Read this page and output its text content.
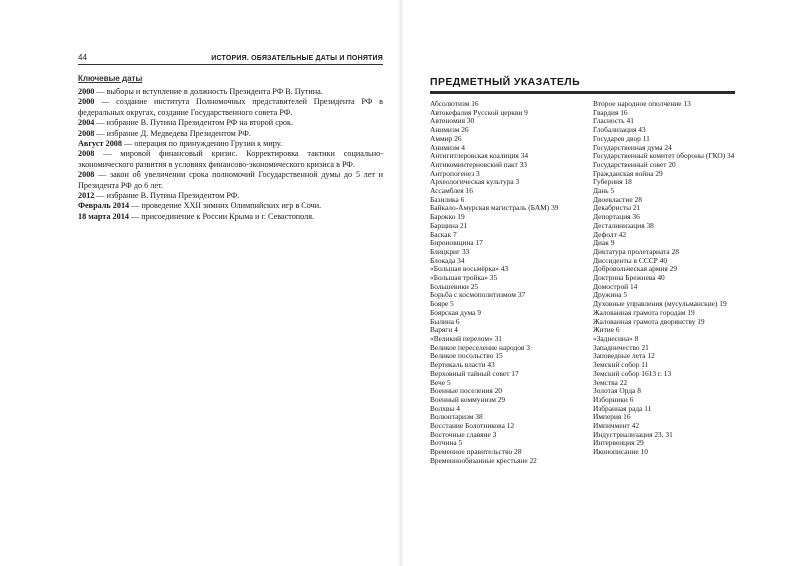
44	ИСТОРИЯ. ОБЯЗАТЕЛЬНЫЕ ДАТЫ И ПОНЯТИЯ
Ключевые даты
2000 — выборы и вступление в должность Президента РФ В. Путина.
2000 — создание института Полномочных представителей Президента РФ в федеральных округах, создание Государственного совета РФ.
2004 — избрание В. Путина Президентом РФ на второй срок.
2008 — избрание Д. Медведева Президентом РФ.
Август 2008 — операция по принуждению Грузии к миру.
2008 — мировой финансовый кризис. Корректировка тактики социально-экономического развития в условиях финансово-экономического кризиса в РФ.
2008 — закон об увеличении срока полномочий Государственной думы до 5 лет и Президента РФ до 6 лет.
2012 — избрание В. Путина Президентом РФ.
Февраль 2014 — проведение XXII зимних Олимпийских игр в Сочи.
18 марта 2014 — присоединение к России Крыма и г. Севастополя.
ПРЕДМЕТНЫЙ УКАЗАТЕЛЬ
Абсолютизм 16
Автокефалия Русской церкви 9
Автономия 30
Анимизм 26
Аммир 26
Анимизм 4
Антигитлеровская коалиция 34
Антикоминтерновский пакт 33
Антропогенез 3
Археологическая культура 3
Ассамблея 16
Базилика 6
Байкало-Амурская магистраль (БАМ) 39
Барокко 19
Барщина 21
Баскак 7
Бироновщина 17
Блицкриг 33
Блокада 34
«Большая восьмёрка» 43
«Большая тройка» 35
Большевики 25
Борьба с космополитизмом 37
Бояре 5
Боярская дума 9
Былина 6
Варяги 4
«Великий перелом» 31
Великое переселение народов 3
Великое посольство 15
Вертикаль власти 43
Верховный тайный совет 17
Вече 5
Военные поселения 20
Военный коммунизм 29
Волхвы 4
Волюнтаризм 38
Восстание Болотникова 12
Восточные славяне 3
Вотчина 5
Временное правительство 28
Временнообязанные крестьяне 22
Второе народное ополчение 13
Гвардия 16
Гласность 41
Глобализация 43
Государев двор 11
Государственная дума 24
Государственный комитет обороны (ГКО) 34
Государственный совет 20
Гражданская война 29
Губерния 18
Дань 5
Двоевластие 28
Декабристы 21
Депортация 36
Десталинизация 38
Дефолт 42
Диак 9
Диктатура пролетариата 28
Диссиденты в СССР 40
Добровольческая армия 29
Доктрина Брежнева 40
Домострой 14
Дружина 5
Духовные управления (мусульманские) 19
Жалованная грамота городам 19
Жалованная грамота дворянству 19
Житие 6
«Заднеcина» 8
Западничество 21
Заповедные лета 12
Земский собор 11
Земский собор 1613 г. 13
Земства 22
Золотая Орда 8
Изборники 6
Избранная рада 11
Империя 16
Импичмент 42
Индустриализация 23, 31
Интервенция 29
Иконописание 10
